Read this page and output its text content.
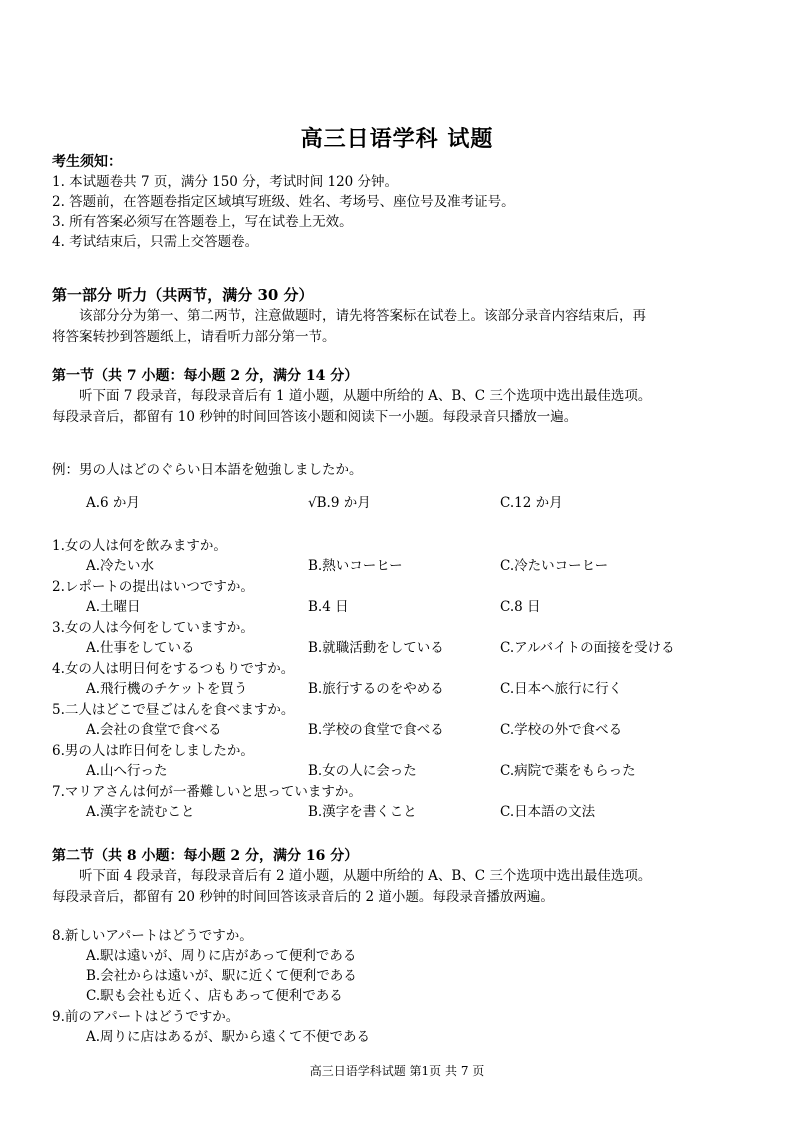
高三日语学科 试题
考生须知：
1. 本试题卷共 7 页，满分 150 分，考试时间 120 分钟。
2. 答题前，在答题卷指定区域填写班级、姓名、考场号、座位号及准考证号。
3. 所有答案必须写在答题卷上，写在试卷上无效。
4. 考试结束后，只需上交答题卷。
第一部分 听力（共两节，满分 30 分）
该部分分为第一、第二两节，注意做题时，请先将答案标在试卷上。该部分录音内容结束后，再
将答案转抄到答题纸上，请看听力部分第一节。
第一节（共 7 小题：每小题 2 分，满分 14 分）
听下面 7 段录音，每段录音后有 1 道小题，从题中所给的 A、B、C 三个选项中选出最佳选项。
每段录音后，都留有 10 秒钟的时间回答该小题和阅读下一小题。每段录音只播放一遍。
例：男の人はどのぐらい日本語を勉強しましたか。
A.6 か月	√B.9 か月	C.12 か月
1.女の人は何を飲みますか。
A.冷たい水	B.熱いコーヒー	C.冷たいコーヒー
2.レポートの提出はいつですか。
A.土曜日	B.4 日	C.8 日
3.女の人は今何をしていますか。
A.仕事をしている	B.就職活動をしている	C.アルバイトの面接を受ける
4.女の人は明日何をするつもりですか。
A.飛行機のチケットを買う	B.旅行するのをやめる	C.日本へ旅行に行く
5.二人はどこで昼ごはんを食べますか。
A.会社の食堂で食べる	B.学校の食堂で食べる	C.学校の外で食べる
6.男の人は昨日何をしましたか。
A.山へ行った	B.女の人に会った	C.病院で薬をもらった
7.マリアさんは何が一番難しいと思っていますか。
A.漢字を読むこと	B.漢字を書くこと	C.日本語の文法
第二节（共 8 小题：每小题 2 分，满分 16 分）
听下面 4 段录音，每段录音后有 2 道小题，从题中所给的 A、B、C 三个选项中选出最佳选项。
每段录音后，都留有 20 秒钟的时间回答该录音后的 2 道小题。每段录音播放两遍。
8.新しいアパートはどうですか。
A.駅は遠いが、周りに店があって便利である
B.会社からは遠いが、駅に近くて便利である
C.駅も会社も近く、店もあって便利である
9.前のアパートはどうですか。
A.周りに店はあるが、駅から遠くて不便である
高三日语学科试题 第1页 共 7 页
